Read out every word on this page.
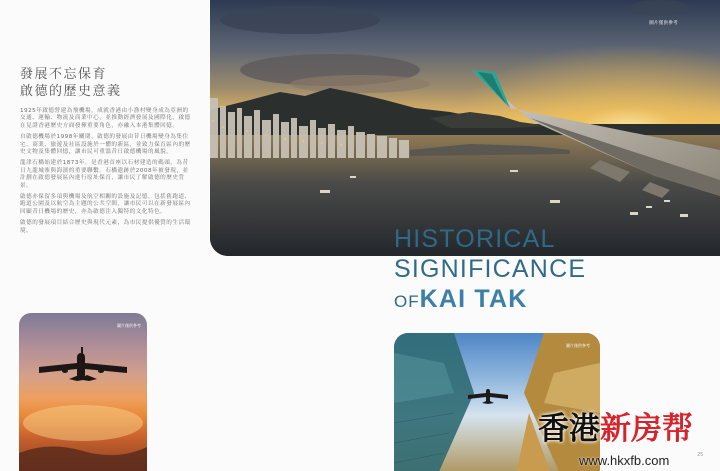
發展不忘保育
啟德的歷史意義

1925年啟德營建為飛機場，成就香港由小漁村變身成為亞洲的交通、運輸、物流及商業中心，並推動經濟發展及國際化，啟德在見證香港歷史方面發揮重要角色，亦融入本港集體回憶。

自啟德機場於1998年關閉，啟德的發展由昔日機場變身為集住宅、商業、旅遊及社區設施於一體的新區，並致力保育區內的歷史文物及集體回憶，讓市民可重溫昔日啟德機場的風貌。

龍津石橋始建於1873年，是香港首座以石材建造的碼頭，為昔日九龍城寨與海濱的重要聯繫。石橋遺跡於2008年被發現，並計劃在啟德發展區內進行原址保育，讓市民了解啟德的歷史背景。

啟德亦保留多項與機場及航空相關的設施及記憶，包括舊跑道、跑道公園及以航空為主題的公共空間，讓市民可以在新發展區內回顧昔日機場的歷史，亦為啟德注入獨特的文化特色。

啟德的發展項目結合歷史與現代元素，為市民提供優質的生活環境。

圖片僅供參考
HISTORICAL
SIGNIFICANCE
OFKAI TAK
圖片僅供參考
圖片僅供參考
香港新房帮
www.hkxfb.com	25
